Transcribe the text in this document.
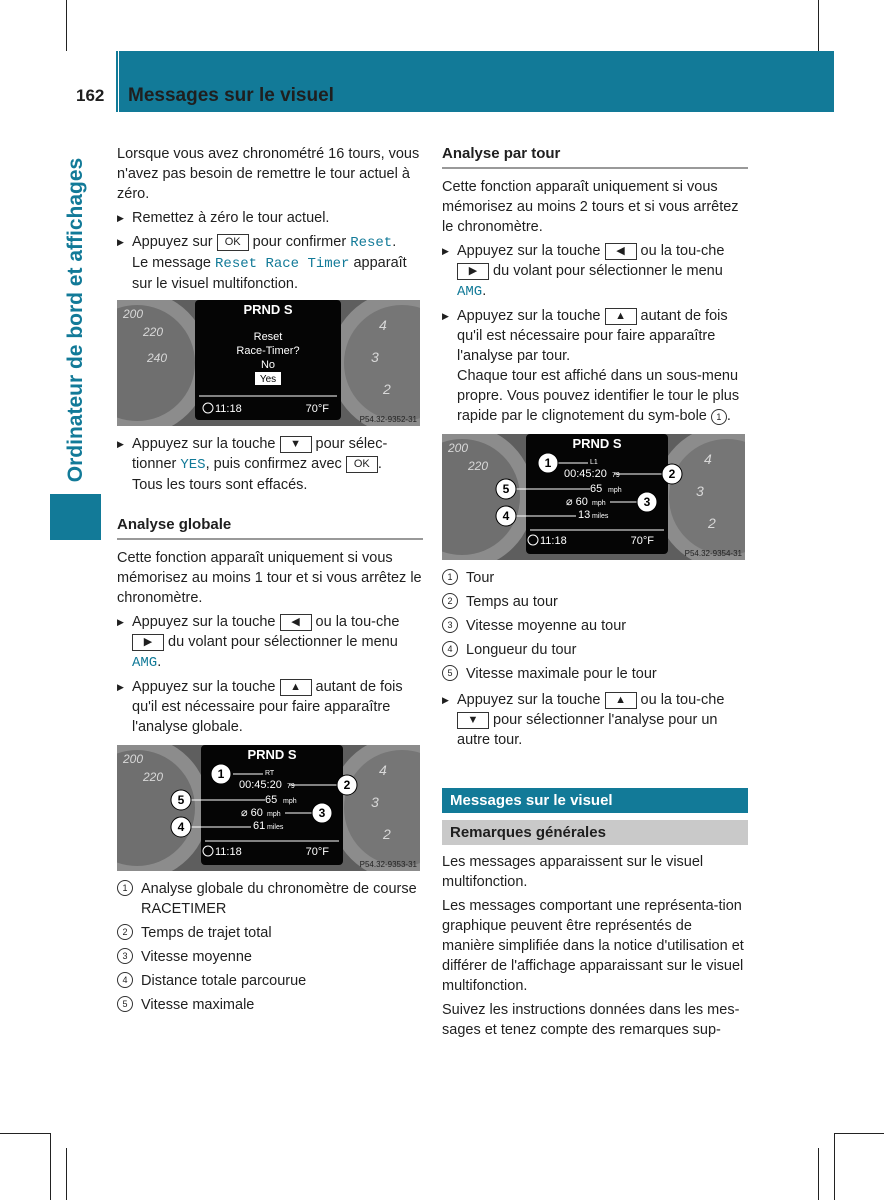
162 Messages sur le visuel
Ordinateur de bord et affichages

Lorsque vous avez chronométré 16 tours, vous n'avez pas besoin de remettre le tour actuel à zéro.

▶ Remettez à zéro le tour actuel.
▶ Appuyez sur OK pour confirmer Reset.
Le message Reset Race Timer apparaît sur le visuel multifonction.
200
220
240
4
3
2
PRND S
Reset
Race-Timer?
No
Yes
11:18	70°F
P54.32-9352-31
▶ Appuyez sur la touche ▼ pour sélec-tionner YES, puis confirmez avec OK .
Tous les tours sont effacés.
Analyse globale

Cette fonction apparaît uniquement si vous mémorisez au moins 1 tour et si vous arrêtez le chronomètre.

▶ Appuyez sur la touche ◀ ou la tou-che ▶ du volant pour sélectionner le menu AMG.
▶ Appuyez sur la touche ▲ autant de fois qu'il est nécessaire pour faire apparaître l'analyse globale.
200
220	4
3
2
PRND S
RT
00:45:20 79
65 mph
⌀ 60 mph
61 miles
11:18	70°F
1
2
3
4
5
P54.32-9353-31
1 Analyse globale du chronomètre de course RACETIMER
2 Temps de trajet total
3 Vitesse moyenne
4 Distance totale parcourue
5 Vitesse maximale
Analyse par tour

Cette fonction apparaît uniquement si vous mémorisez au moins 2 tours et si vous arrêtez le chronomètre.

▶ Appuyez sur la touche ◀ ou la tou-che ▶ du volant pour sélectionner le menu AMG.
▶ Appuyez sur la touche ▲ autant de fois qu'il est nécessaire pour faire apparaître l'analyse par tour.
Chaque tour est affiché dans un sous-menu propre. Vous pouvez identifier le tour le plus rapide par le clignotement du sym-bole 1 .
200
220	4
3
2
PRND S
L1
00:45:20 79
65 mph
⌀ 60 mph
13 miles
11:18	70°F
1
2
3
4
5
P54.32-9354-31
1 Tour
2 Temps au tour
3 Vitesse moyenne au tour
4 Longueur du tour
5 Vitesse maximale pour le tour
▶ Appuyez sur la touche ▲ ou la tou-che ▼ pour sélectionner l'analyse pour un autre tour.
Messages sur le visuel
Remarques générales

Les messages apparaissent sur le visuel multifonction.

Les messages comportant une représenta-tion graphique peuvent être représentés de manière simplifiée dans la notice d'utilisation et différer de l'affichage apparaissant sur le visuel multifonction.

Suivez les instructions données dans les mes-sages et tenez compte des remarques sup-
